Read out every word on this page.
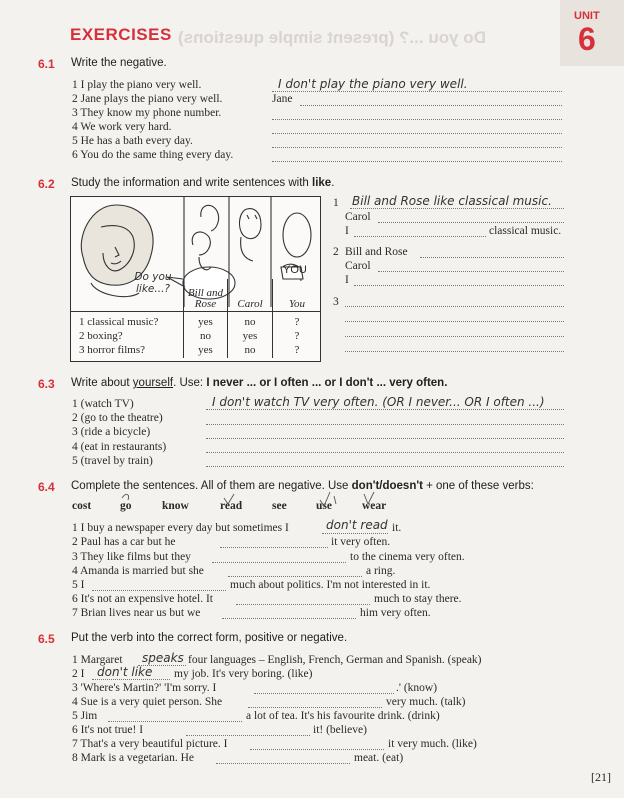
Do you ...? (present simple questions)
UNIT
6
EXERCISES
6.1 Write the negative.
1 I play the piano very well.
2 Jane plays the piano very well.
3 They know my phone number.
4 We work very hard.
5 He has a bath every day.
6 You do the same thing every day.
I don't play the piano very well.
Jane
6.2 Study the information and write sentences with like.
Do you like...?
YOU
	Bill and Rose	Carol	You
1 classical music?	yes	no	?
2 boxing?	no	yes	?
3 horror films?	yes	no	?
1 Bill and Rose like classical music.
Carol
I	classical music.
2 Bill and Rose
Carol
I
3
6.3 Write about yourself. Use: I never ... or I often ... or I don't ... very often.
1 (watch TV)
2 (go to the theatre)
3 (ride a bicycle)
4 (eat in restaurants)
5 (travel by train)
I don't watch TV very often. (OR I never... OR I often ...)
6.4 Complete the sentences. All of them are negative. Use don't/doesn't + one of these verbs:
cost	go	know	read	see	use	wear
1 I buy a newspaper every day but sometimes I	don't read it.
2 Paul has a car but he	it very often.
3 They like films but they	to the cinema very often.
4 Amanda is married but she	a ring.
5 I	much about politics. I'm not interested in it.
6 It's not an expensive hotel. It	much to stay there.
7 Brian lives near us but we	him very often.
6.5 Put the verb into the correct form, positive or negative.
1 Margaret speaks four languages – English, French, German and Spanish. (speak)
2 I don't like my job. It's very boring. (like)
3 'Where's Martin?' 'I'm sorry. I	.' (know)
4 Sue is a very quiet person. She	very much. (talk)
5 Jim	a lot of tea. It's his favourite drink. (drink)
6 It's not true! I	it! (believe)
7 That's a very beautiful picture. I	it very much. (like)
8 Mark is a vegetarian. He	meat. (eat)
[21]
